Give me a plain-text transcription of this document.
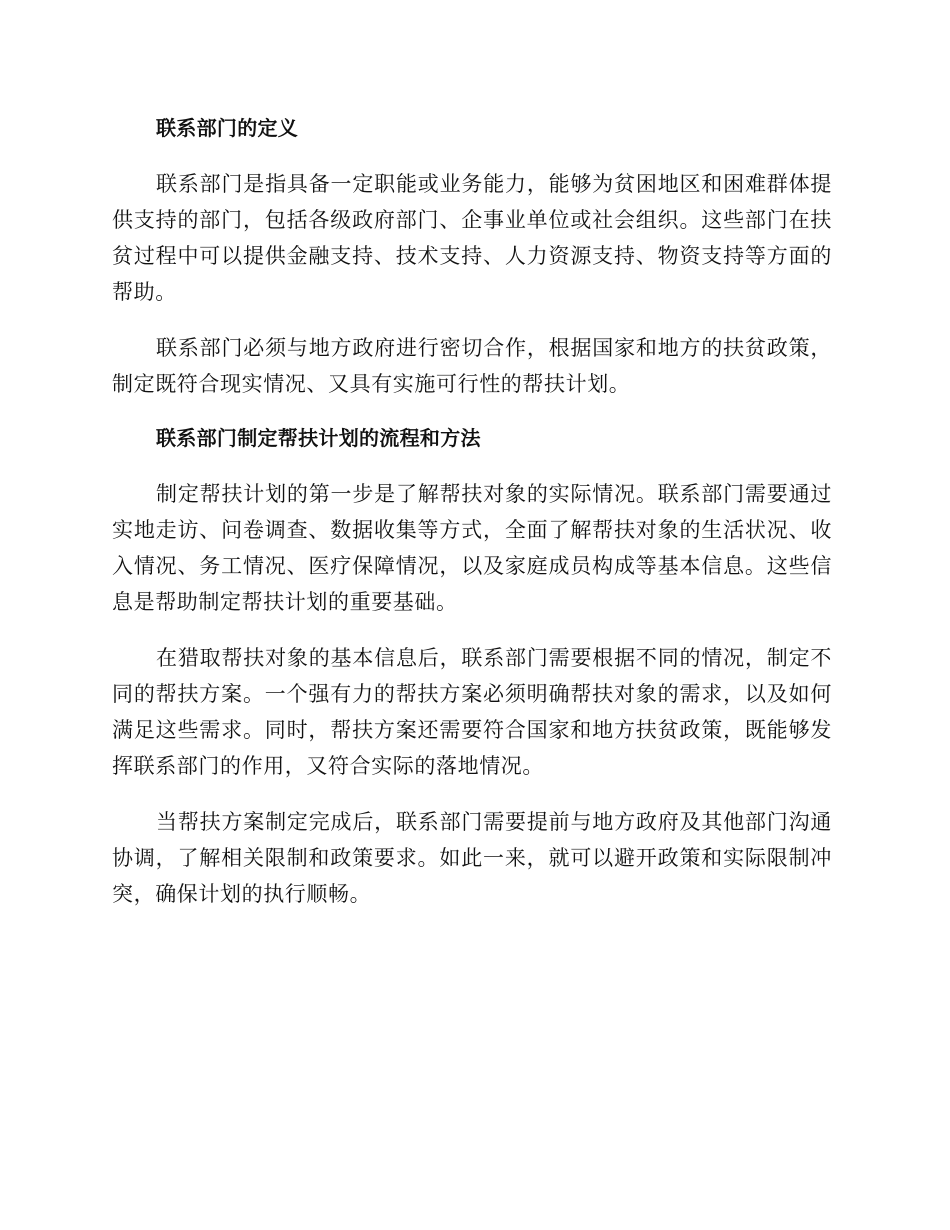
联系部门的定义

联系部门是指具备一定职能或业务能力，能够为贫困地区和困难群体提供支持的部门，包括各级政府部门、企事业单位或社会组织。这些部门在扶贫过程中可以提供金融支持、技术支持、人力资源支持、物资支持等方面的帮助。

联系部门必须与地方政府进行密切合作，根据国家和地方的扶贫政策，制定既符合现实情况、又具有实施可行性的帮扶计划。

联系部门制定帮扶计划的流程和方法

制定帮扶计划的第一步是了解帮扶对象的实际情况。联系部门需要通过实地走访、问卷调查、数据收集等方式，全面了解帮扶对象的生活状况、收入情况、务工情况、医疗保障情况，以及家庭成员构成等基本信息。这些信息是帮助制定帮扶计划的重要基础。

在猎取帮扶对象的基本信息后，联系部门需要根据不同的情况，制定不同的帮扶方案。一个强有力的帮扶方案必须明确帮扶对象的需求，以及如何满足这些需求。同时，帮扶方案还需要符合国家和地方扶贫政策，既能够发挥联系部门的作用，又符合实际的落地情况。

当帮扶方案制定完成后，联系部门需要提前与地方政府及其他部门沟通协调，了解相关限制和政策要求。如此一来，就可以避开政策和实际限制冲突，确保计划的执行顺畅。
